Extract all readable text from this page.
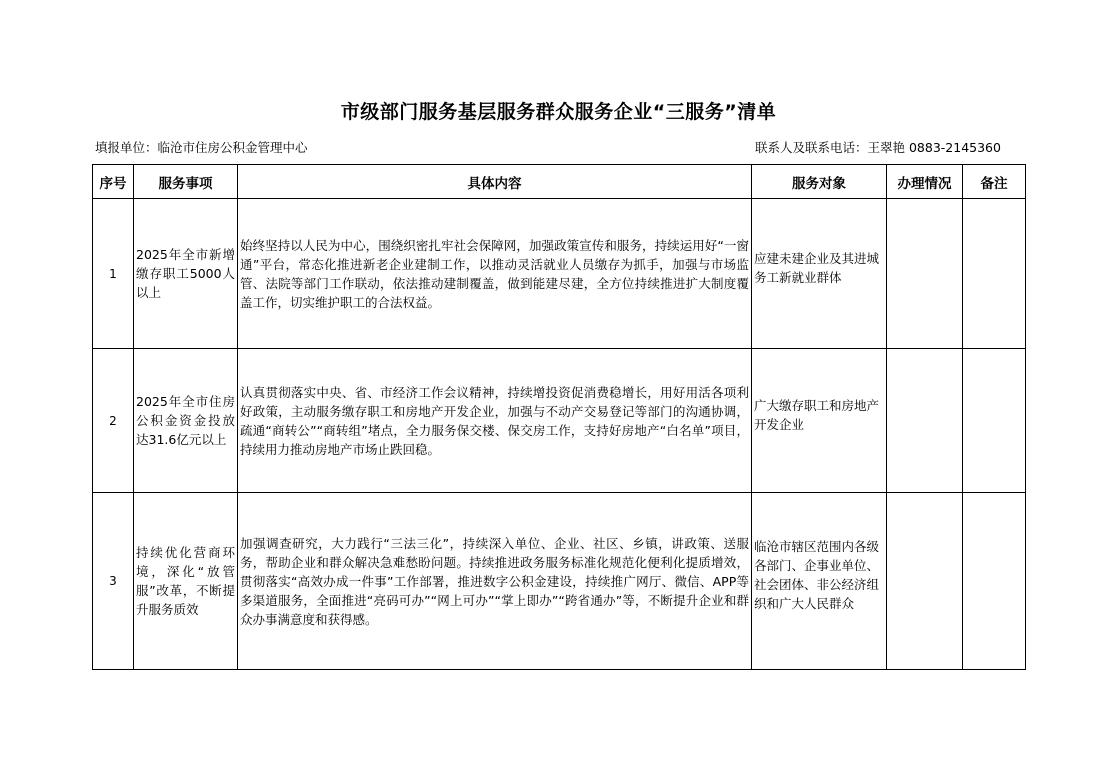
市级部门服务基层服务群众服务企业“三服务”清单
填报单位：临沧市住房公积金管理中心	联系人及联系电话：王翠艳 0883-2145360
序号	服务事项	具体内容	服务对象	办理情况	备注
1	2025年全市新增缴存职工5000人以上	始终坚持以人民为中心，围绕织密扎牢社会保障网，加强政策宣传和服务，持续运用好“一窗通”平台，常态化推进新老企业建制工作，以推动灵活就业人员缴存为抓手，加强与市场监管、法院等部门工作联动，依法推动建制覆盖，做到能建尽建，全方位持续推进扩大制度覆盖工作，切实维护职工的合法权益。	应建未建企业及其进城务工新就业群体		

2	2025年全市住房公积金资金投放达31.6亿元以上	认真贯彻落实中央、省、市经济工作会议精神，持续增投资促消费稳增长，用好用活各项利好政策，主动服务缴存职工和房地产开发企业，加强与不动产交易登记等部门的沟通协调，疏通“商转公”“商转组”堵点，全力服务保交楼、保交房工作，支持好房地产“白名单”项目，持续用力推动房地产市场止跌回稳。	广大缴存职工和房地产开发企业		

3	持续优化营商环境，深化“放管服”改革，不断提升服务质效	加强调查研究，大力践行“三法三化”，持续深入单位、企业、社区、乡镇，讲政策、送服务，帮助企业和群众解决急难愁盼问题。持续推进政务服务标准化规范化便利化提质增效，贯彻落实“高效办成一件事”工作部署，推进数字公积金建设，持续推广网厅、微信、APP等多渠道服务，全面推进“亮码可办”“网上可办”“掌上即办”“跨省通办”等，不断提升企业和群众办事满意度和获得感。	临沧市辖区范围内各级各部门、企事业单位、社会团体、非公经济组织和广大人民群众		
